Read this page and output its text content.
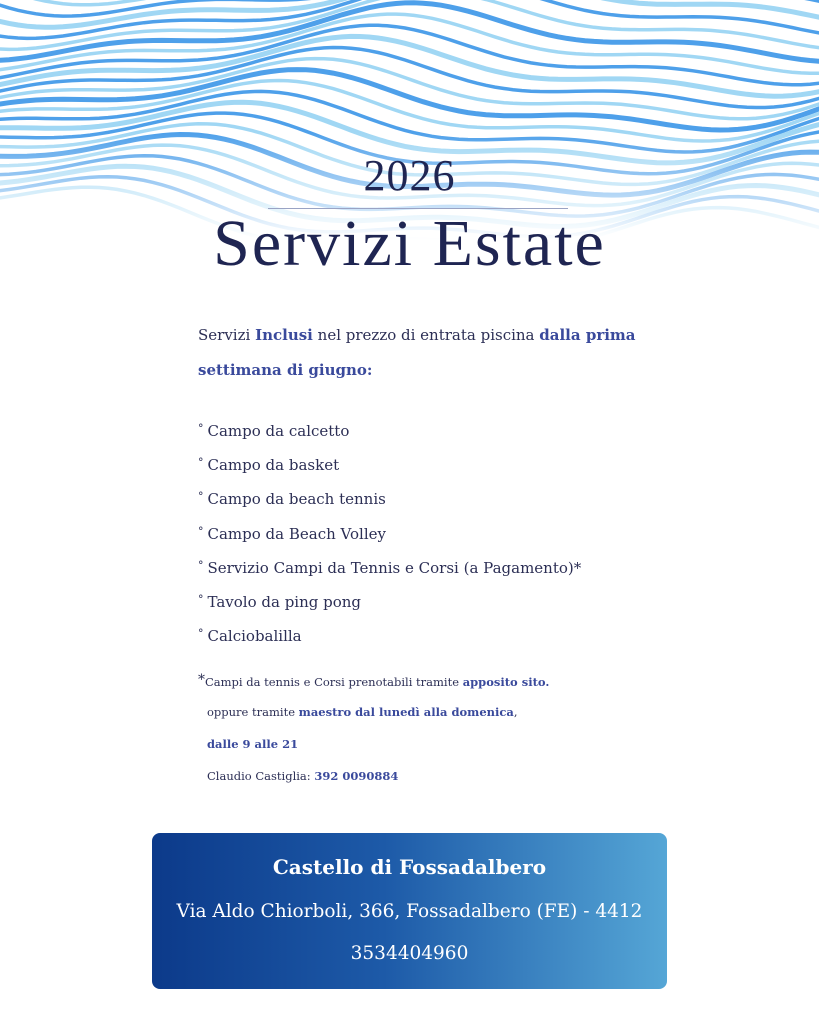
2026
Servizi Estate
Servizi Inclusi nel prezzo di entrata piscina dalla prima settimana di giugno:
° Campo da calcetto
° Campo da basket
° Campo da beach tennis
° Campo da Beach Volley
° Servizio Campi da Tennis e Corsi (a Pagamento)*
° Tavolo da ping pong
° Calciobalilla
*Campi da tennis e Corsi prenotabili tramite apposito sito.
oppure tramite maestro dal lunedì alla domenica,
dalle 9 alle 21
Claudio Castiglia: 392 0090884
Castello di Fossadalbero
Via Aldo Chiorboli, 366, Fossadalbero (FE) - 4412
3534404960
